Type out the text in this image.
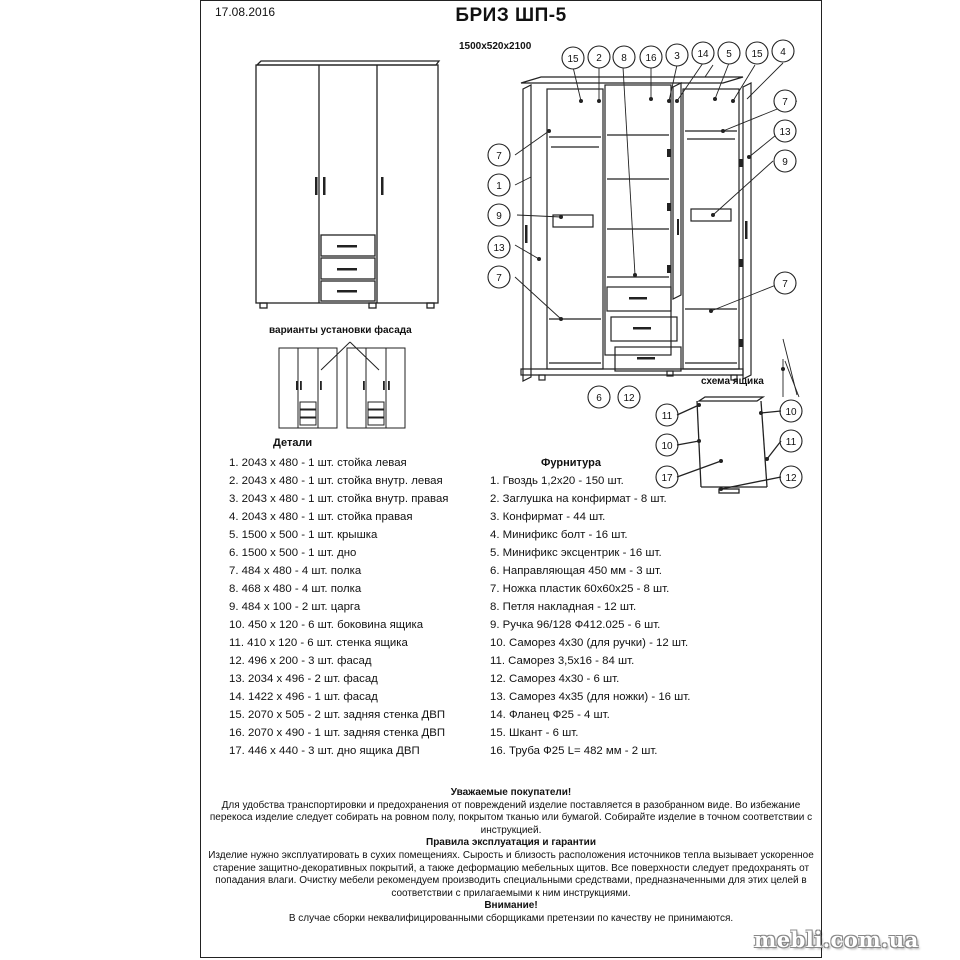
17.08.2016	БРИЗ ШП-5
1500x520x2100
варианты установки фасада
15 2 8 16 3 14 5 15 4
7
1
9
13
7
7
13
9
7
6 12
11	10
10	11
17	12
схема ящика
Детали
1. 2043 х 480 - 1 шт. стойка левая
2. 2043 х 480 - 1 шт. стойка внутр. левая
3. 2043 х 480 - 1 шт. стойка внутр. правая
4. 2043 х 480 - 1 шт. стойка правая
5. 1500 х 500 - 1 шт. крышка
6. 1500 х 500 - 1 шт. дно
7. 484 х 480 - 4 шт. полка
8. 468 х 480 - 4 шт. полка
9. 484 х 100 - 2 шт. царга
10. 450 х 120 - 6 шт. боковина ящика
11. 410 х 120 - 6 шт. стенка ящика
12. 496 х 200 - 3 шт. фасад
13. 2034 х 496 - 2 шт. фасад
14. 1422 х 496 - 1 шт. фасад
15. 2070 х 505 - 2 шт. задняя стенка ДВП
16. 2070 х 490 - 1 шт. задняя стенка ДВП
17. 446 х 440 - 3 шт. дно ящика ДВП
Фурнитура
1. Гвоздь 1,2х20 - 150 шт.
2. Заглушка на конфирмат - 8 шт.
3. Конфирмат - 44 шт.
4. Минификс болт - 16 шт.
5. Минификс эксцентрик - 16 шт.
6. Направляющая 450 мм - 3 шт.
7. Ножка пластик 60х60х25 - 8 шт.
8. Петля накладная - 12 шт.
9. Ручка 96/128 Ф412.025 - 6 шт.
10. Саморез 4х30 (для ручки) - 12 шт.
11. Саморез 3,5х16 - 84 шт.
12. Саморез 4х30 - 6 шт.
13. Саморез 4х35 (для ножки) - 16 шт.
14. Фланец Ф25 - 4 шт.
15. Шкант - 6 шт.
16. Труба Ф25 L= 482 мм - 2 шт.
Уважаемые покупатели!
Для удобства транспортировки и предохранения от повреждений изделие поставляется в разобранном виде. Во избежание перекоса изделие следует собирать на ровном полу, покрытом тканью или бумагой. Собирайте изделие в точном соответствии с инструкцией.
Правила эксплуатация и гарантии
Изделие нужно эксплуатировать в сухих помещениях. Сырость и близость расположения источников тепла вызывает ускоренное старение защитно-декоративных покрытий, а также деформацию мебельных щитов. Все поверхности следует предохранять от попадания влаги. Очистку мебели рекомендуем производить специальными средствами, предназначенными для этих целей в соответствии с прилагаемыми к ним инструкциями.
Внимание!
В случае сборки неквалифицированными сборщиками претензии по качеству не принимаются.
mebli.com.ua
